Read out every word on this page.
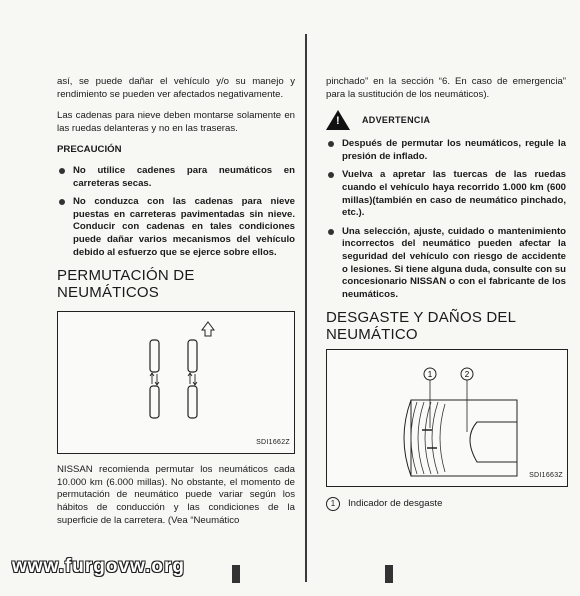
así, se puede dañar el vehículo y/o su manejo y rendimiento se pueden ver afectados negativamente.

Las cadenas para nieve deben montarse solamente en las ruedas delanteras y no en las traseras.

PRECAUCIÓN
No utilice cadenes para neumáticos en carreteras secas.
No conduzca con las cadenas para nieve puestas en carreteras pavimentadas sin nieve. Conducir con cadenas en tales condiciones puede dañar varios mecanismos del vehículo debido al esfuerzo que se ejerce sobre ellos.
PERMUTACIÓN DE NEUMÁTICOS
SDI1662Z

NISSAN recomienda permutar los neumáticos cada 10.000 km (6.000 millas). No obstante, el momento de permutación de neumático puede variar según los hábitos de conducción y las condiciones de la superficie de la carretera. (Vea “Neumático

pinchado” en la sección “6. En caso de emergencia” para la sustitución de los neumáticos).

! ADVERTENCIA
Después de permutar los neumáticos, regule la presión de inflado.
Vuelva a apretar las tuercas de las ruedas cuando el vehículo haya recorrido 1.000 km (600 millas)(también en caso de neumático pinchado, etc.).
Una selección, ajuste, cuidado o mantenimiento incorrectos del neumático pueden afectar la seguridad del vehículo con riesgo de accidente o lesiones. Si tiene alguna duda, consulte con su concesionario NISSAN o con el fabricante de los neumáticos.
DESGASTE Y DAÑOS DEL
NEUMÁTICO
1	2
SDI1663Z
1	Indicador de desgaste
www.furgovw.org
